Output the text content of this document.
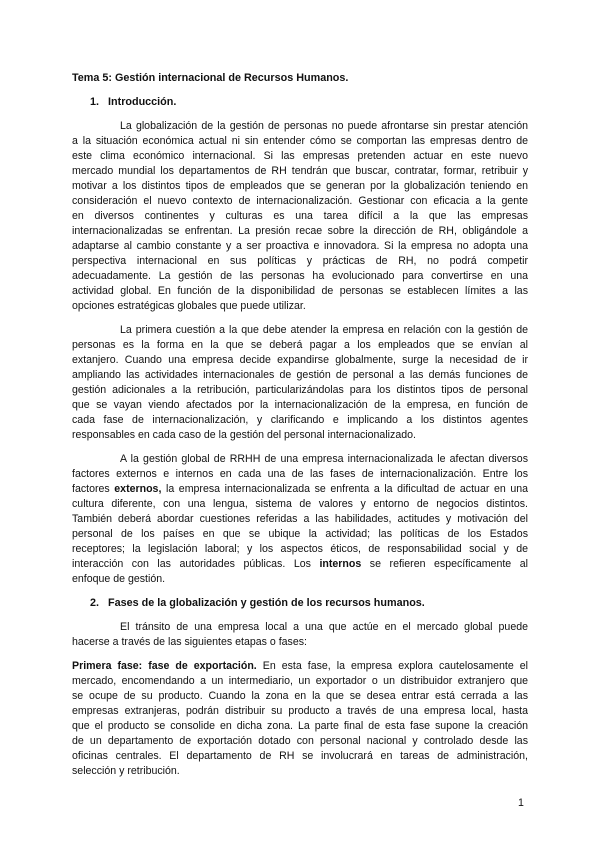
Tema 5: Gestión internacional de Recursos Humanos.
1. Introducción.
La globalización de la gestión de personas no puede afrontarse sin prestar atención
a la situación económica actual ni sin entender cómo se comportan las empresas dentro de
este clima económico internacional. Si las empresas pretenden actuar en este nuevo
mercado mundial los departamentos de RH tendrán que buscar, contratar, formar, retribuir y
motivar a los distintos tipos de empleados que se generan por la globalización teniendo en
consideración el nuevo contexto de internacionalización. Gestionar con eficacia a la gente
en diversos continentes y culturas es una tarea difícil a la que las empresas
internacionalizadas se enfrentan. La presión recae sobre la dirección de RH, obligándole a
adaptarse al cambio constante y a ser proactiva e innovadora. Si la empresa no adopta una
perspectiva internacional en sus políticas y prácticas de RH, no podrá competir
adecuadamente. La gestión de las personas ha evolucionado para convertirse en una
actividad global. En función de la disponibilidad de personas se establecen límites a las
opciones estratégicas globales que puede utilizar.
La primera cuestión a la que debe atender la empresa en relación con la gestión de
personas es la forma en la que se deberá pagar a los empleados que se envían al
extanjero. Cuando una empresa decide expandirse globalmente, surge la necesidad de ir
ampliando las actividades internacionales de gestión de personal a las demás funciones de
gestión adicionales a la retribución, particularizándolas para los distintos tipos de personal
que se vayan viendo afectados por la internacionalización de la empresa, en función de
cada fase de internacionalización, y clarificando e implicando a los distintos agentes
responsables en cada caso de la gestión del personal internacionalizado.
A la gestión global de RRHH de una empresa internacionalizada le afectan diversos
factores externos e internos en cada una de las fases de internacionalización. Entre los
factores externos, la empresa internacionalizada se enfrenta a la dificultad de actuar en una
cultura diferente, con una lengua, sistema de valores y entorno de negocios distintos.
También deberá abordar cuestiones referidas a las habilidades, actitudes y motivación del
personal de los países en que se ubique la actividad; las políticas de los Estados
receptores; la legislación laboral; y los aspectos éticos, de responsabilidad social y de
interacción con las autoridades públicas. Los internos se refieren específicamente al
enfoque de gestión.
2. Fases de la globalización y gestión de los recursos humanos.
El tránsito de una empresa local a una que actúe en el mercado global puede
hacerse a través de las siguientes etapas o fases:
Primera fase: fase de exportación. En esta fase, la empresa explora cautelosamente el
mercado, encomendando a un intermediario, un exportador o un distribuidor extranjero que
se ocupe de su producto. Cuando la zona en la que se desea entrar está cerrada a las
empresas extranjeras, podrán distribuir su producto a través de una empresa local, hasta
que el producto se consolide en dicha zona. La parte final de esta fase supone la creación
de un departamento de exportación dotado con personal nacional y controlado desde las
oficinas centrales. El departamento de RH se involucrará en tareas de administración,
selección y retribución.
1
